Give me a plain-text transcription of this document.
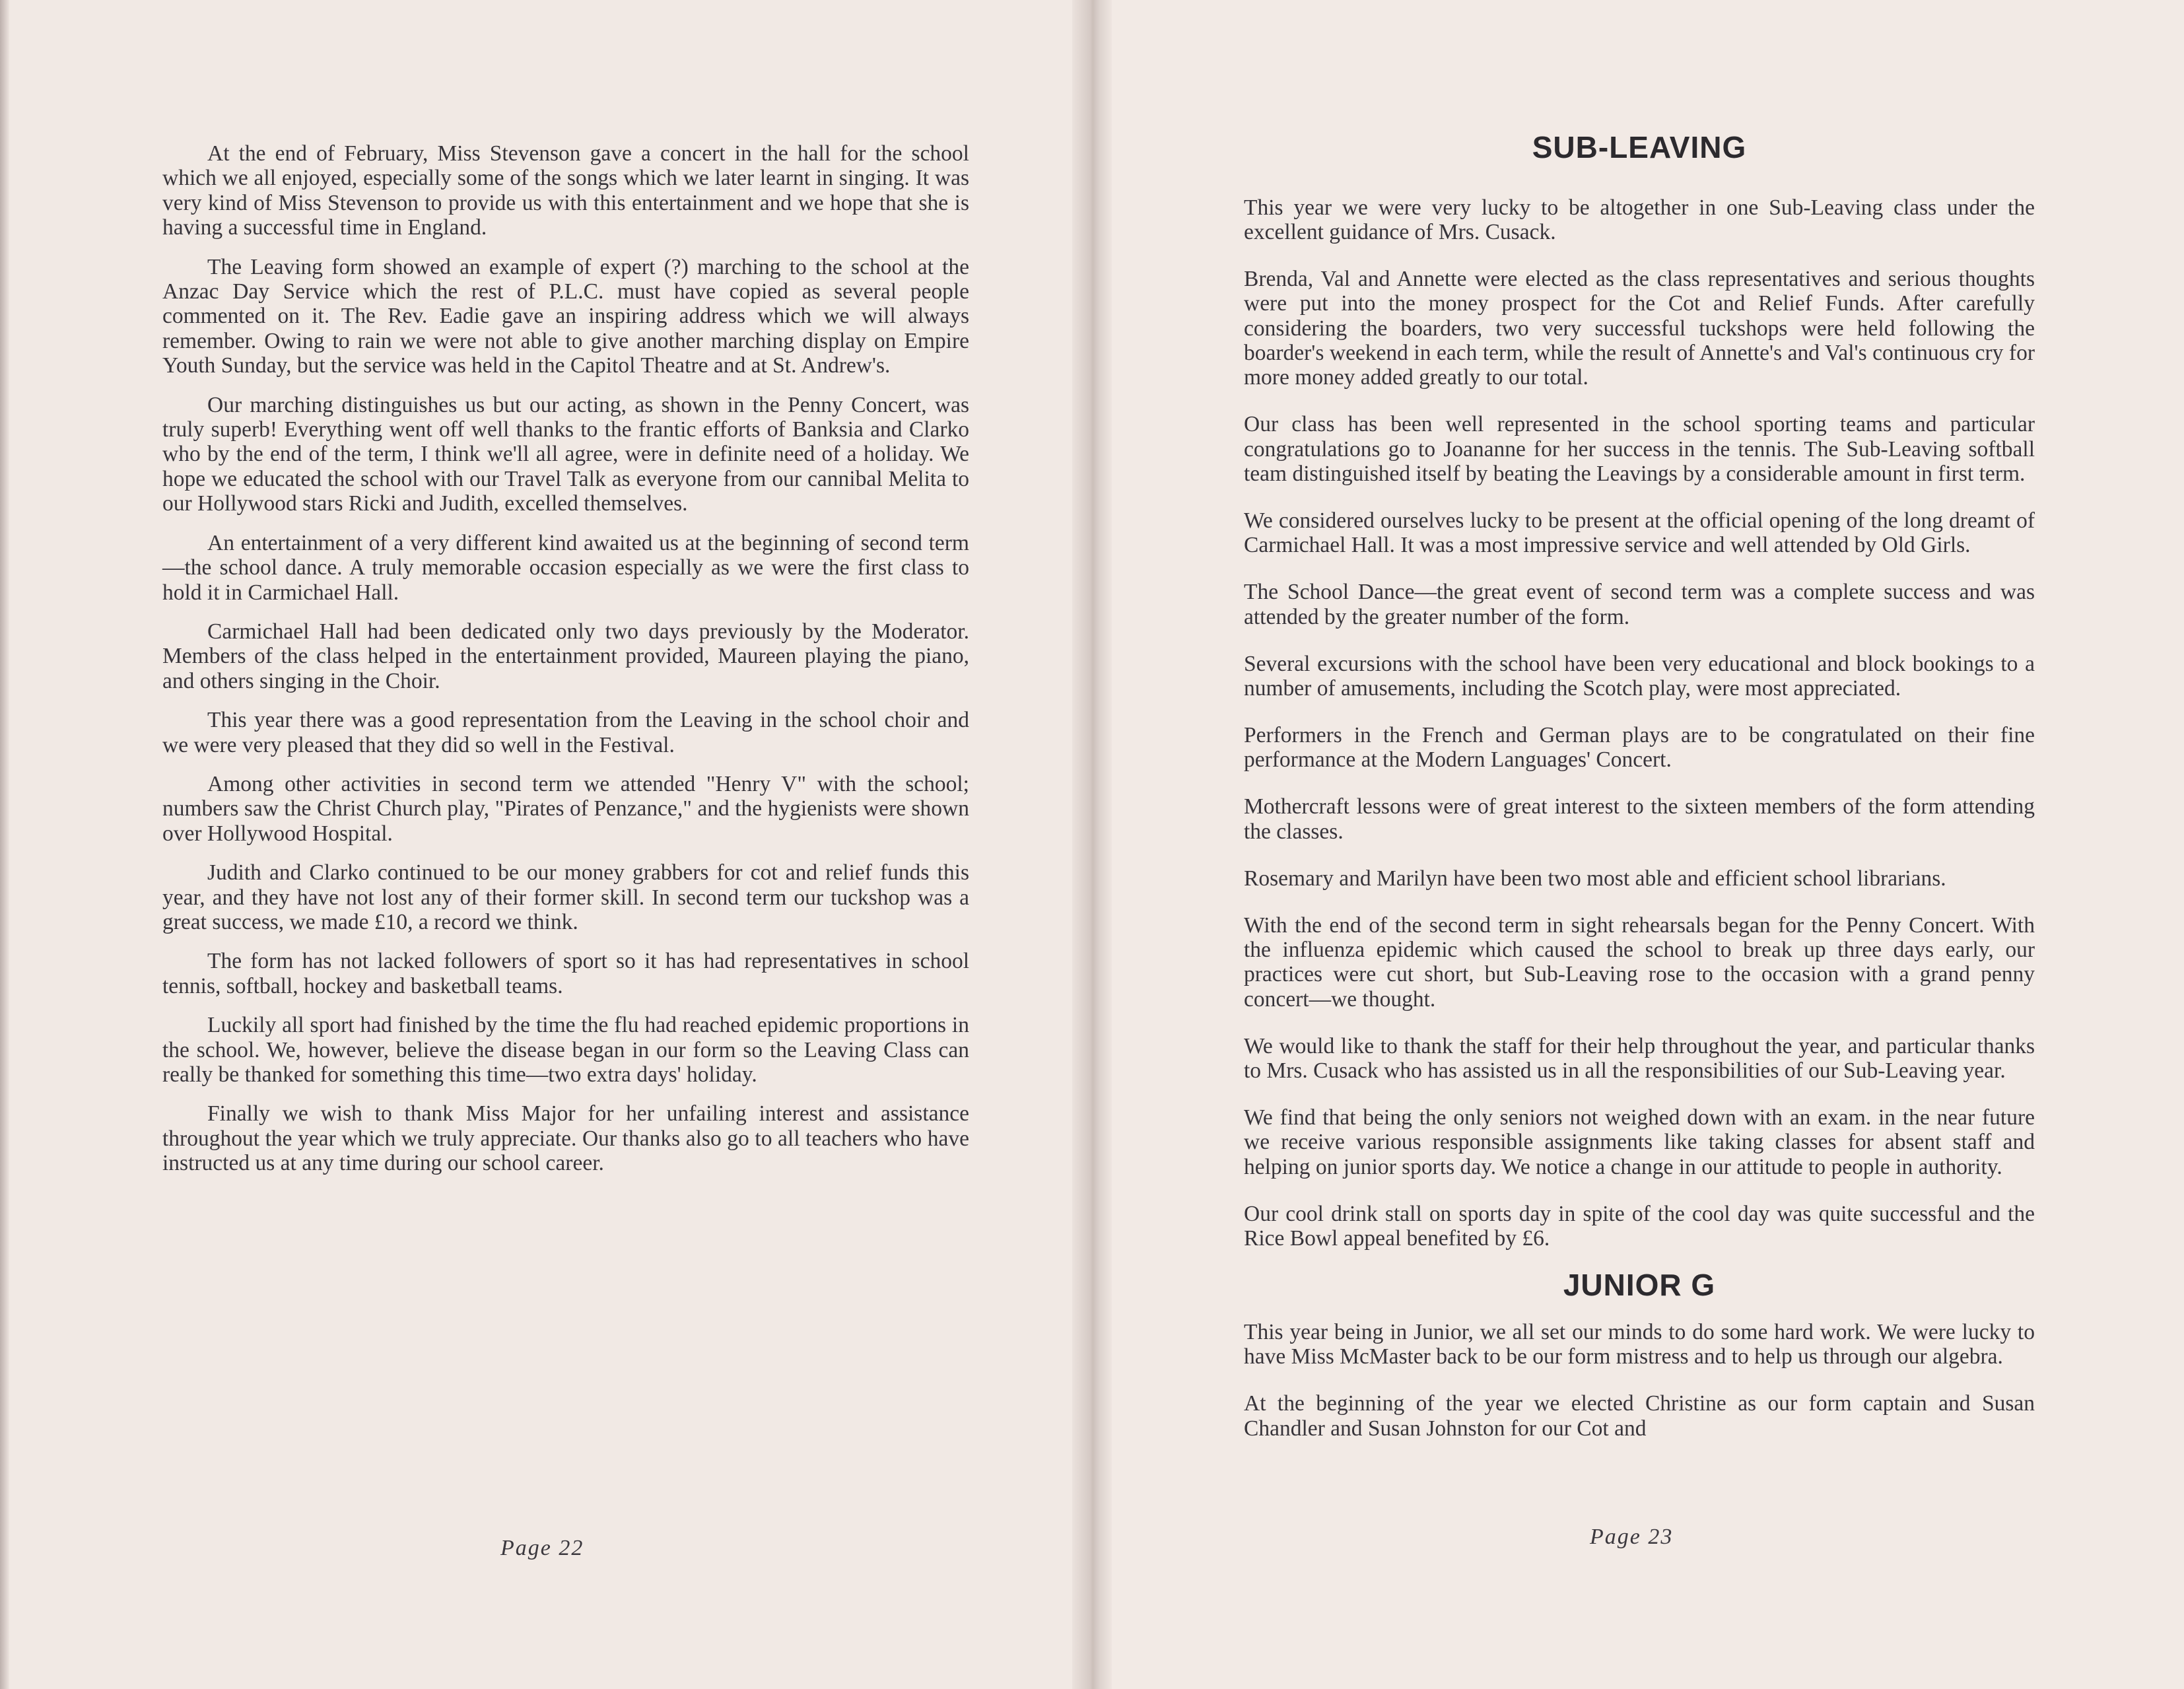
At the end of February, Miss Stevenson gave a concert in the hall for the school which we all enjoyed, especially some of the songs which we later learnt in singing. It was very kind of Miss Stevenson to provide us with this entertainment and we hope that she is having a successful time in England.

The Leaving form showed an example of expert (?) marching to the school at the Anzac Day Service which the rest of P.L.C. must have copied as several people commented on it. The Rev. Eadie gave an inspiring address which we will always remember. Owing to rain we were not able to give another marching display on Empire Youth Sunday, but the service was held in the Capitol Theatre and at St. Andrew's.

Our marching distinguishes us but our acting, as shown in the Penny Concert, was truly superb! Everything went off well thanks to the frantic efforts of Banksia and Clarko who by the end of the term, I think we'll all agree, were in definite need of a holiday. We hope we educated the school with our Travel Talk as everyone from our cannibal Melita to our Hollywood stars Ricki and Judith, excelled themselves.

An entertainment of a very different kind awaited us at the beginning of second term—the school dance. A truly memorable occasion especially as we were the first class to hold it in Carmichael Hall.

Carmichael Hall had been dedicated only two days previously by the Moderator. Members of the class helped in the entertainment provided, Maureen playing the piano, and others singing in the Choir.

This year there was a good representation from the Leaving in the school choir and we were very pleased that they did so well in the Festival.

Among other activities in second term we attended "Henry V" with the school; numbers saw the Christ Church play, "Pirates of Penzance," and the hygienists were shown over Hollywood Hospital.

Judith and Clarko continued to be our money grabbers for cot and relief funds this year, and they have not lost any of their former skill. In second term our tuckshop was a great success, we made £10, a record we think.

The form has not lacked followers of sport so it has had representatives in school tennis, softball, hockey and basketball teams.

Luckily all sport had finished by the time the flu had reached epidemic proportions in the school. We, however, believe the disease began in our form so the Leaving Class can really be thanked for something this time—two extra days' holiday.

Finally we wish to thank Miss Major for her unfailing interest and assistance throughout the year which we truly appreciate. Our thanks also go to all teachers who have instructed us at any time during our school career.

Page 22
SUB-LEAVING

This year we were very lucky to be altogether in one Sub-Leaving class under the excellent guidance of Mrs. Cusack.

Brenda, Val and Annette were elected as the class representatives and serious thoughts were put into the money prospect for the Cot and Relief Funds. After carefully considering the boarders, two very successful tuckshops were held following the boarder's weekend in each term, while the result of Annette's and Val's continuous cry for more money added greatly to our total.

Our class has been well represented in the school sporting teams and particular congratulations go to Joananne for her success in the tennis. The Sub-Leaving softball team distinguished itself by beating the Leavings by a considerable amount in first term.

We considered ourselves lucky to be present at the official opening of the long dreamt of Carmichael Hall. It was a most impressive service and well attended by Old Girls.

The School Dance—the great event of second term was a complete success and was attended by the greater number of the form.

Several excursions with the school have been very educational and block bookings to a number of amusements, including the Scotch play, were most appreciated.

Performers in the French and German plays are to be congratulated on their fine performance at the Modern Languages' Concert.

Mothercraft lessons were of great interest to the sixteen members of the form attending the classes.

Rosemary and Marilyn have been two most able and efficient school librarians.

With the end of the second term in sight rehearsals began for the Penny Concert. With the influenza epidemic which caused the school to break up three days early, our practices were cut short, but Sub-Leaving rose to the occasion with a grand penny concert—we thought.

We would like to thank the staff for their help throughout the year, and particular thanks to Mrs. Cusack who has assisted us in all the responsibilities of our Sub-Leaving year.

We find that being the only seniors not weighed down with an exam. in the near future we receive various responsible assignments like taking classes for absent staff and helping on junior sports day. We notice a change in our attitude to people in authority.

Our cool drink stall on sports day in spite of the cool day was quite successful and the Rice Bowl appeal benefited by £6.

JUNIOR G

This year being in Junior, we all set our minds to do some hard work. We were lucky to have Miss McMaster back to be our form mistress and to help us through our algebra.

At the beginning of the year we elected Christine as our form captain and Susan Chandler and Susan Johnston for our Cot and

Page 23
